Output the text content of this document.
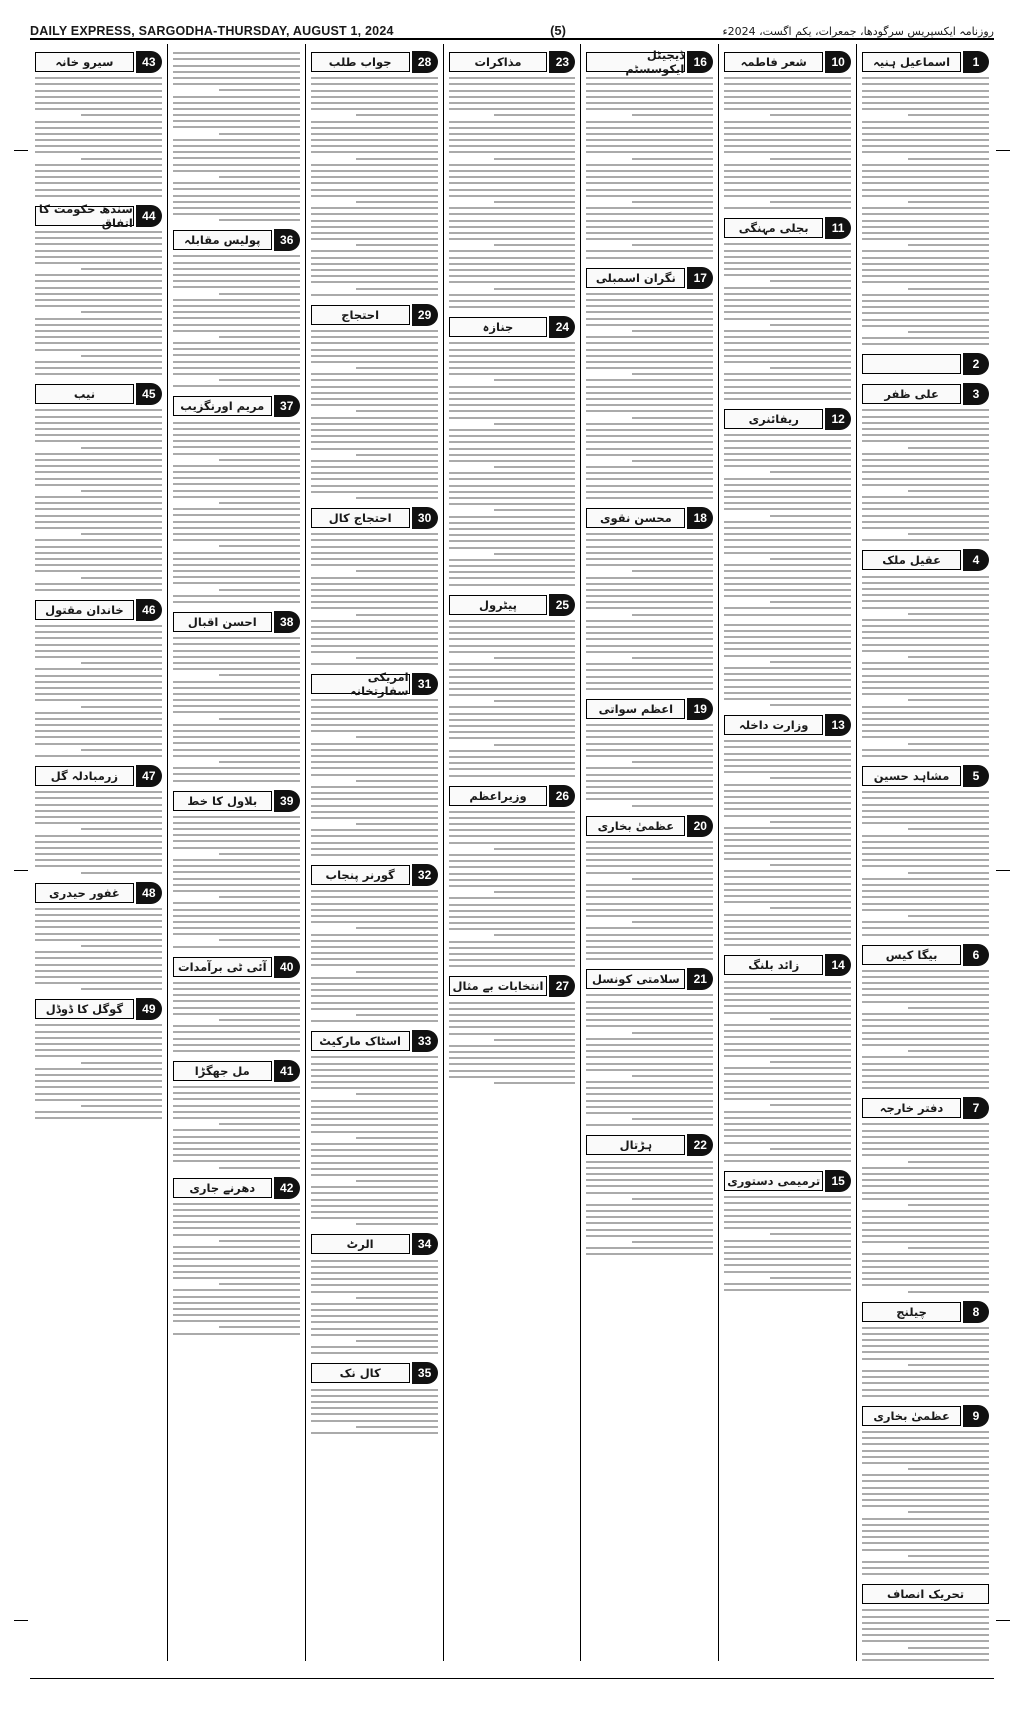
DAILY EXPRESS, SARGODHA-THURSDAY, AUGUST 1, 2024	(5)	روزنامہ ایکسپریس سرگودھا، جمعرات، یکم اگست، 2024ء
1
اسماعیل ہنیہ
2
3
علی ظفر
4
عقیل ملک
5
مشاہد حسین
6
بیگا کیس
7
دفتر خارجہ
8
چیلنج
9
عظمیٰ بخاری
تحریک انصاف
10
شعر فاطمہ
11
بجلی مہنگی
12
ریفائنری
13
وزارت داخلہ
14
زائد بلنگ
15
ترمیمی دستوری
16
ڈیجیٹل ایکوسسٹم
17
نگران اسمبلی
18
محسن نقوی
19
اعظم سواتی
20
عظمیٰ بخاری
21
سلامتی کونسل
22
ہڑتال
23
مذاکرات
24
جنازہ
25
پیٹرول
26
وزیراعظم
27
انتخابات بے مثال
28
جواب طلب
29
احتجاج
30
احتجاج کال
31
امریکی سفارتخانہ
32
گورنر پنجاب
33
اسٹاک مارکیٹ
34
الرٹ
35
کال نک
36
پولیس مقابلہ
37
مریم اورنگزیب
38
احسن اقبال
39
بلاول کا خط
40
آئی ٹی برآمدات
41
مل جھگڑا
42
دھرنے جاری
43
سیرو خانہ
44
سندھ حکومت کا اتفاق
45
نیب
46
خاندان مقتول
47
زرمبادلہ گل
48
غفور حیدری
49
گوگل کا ڈوڈل
